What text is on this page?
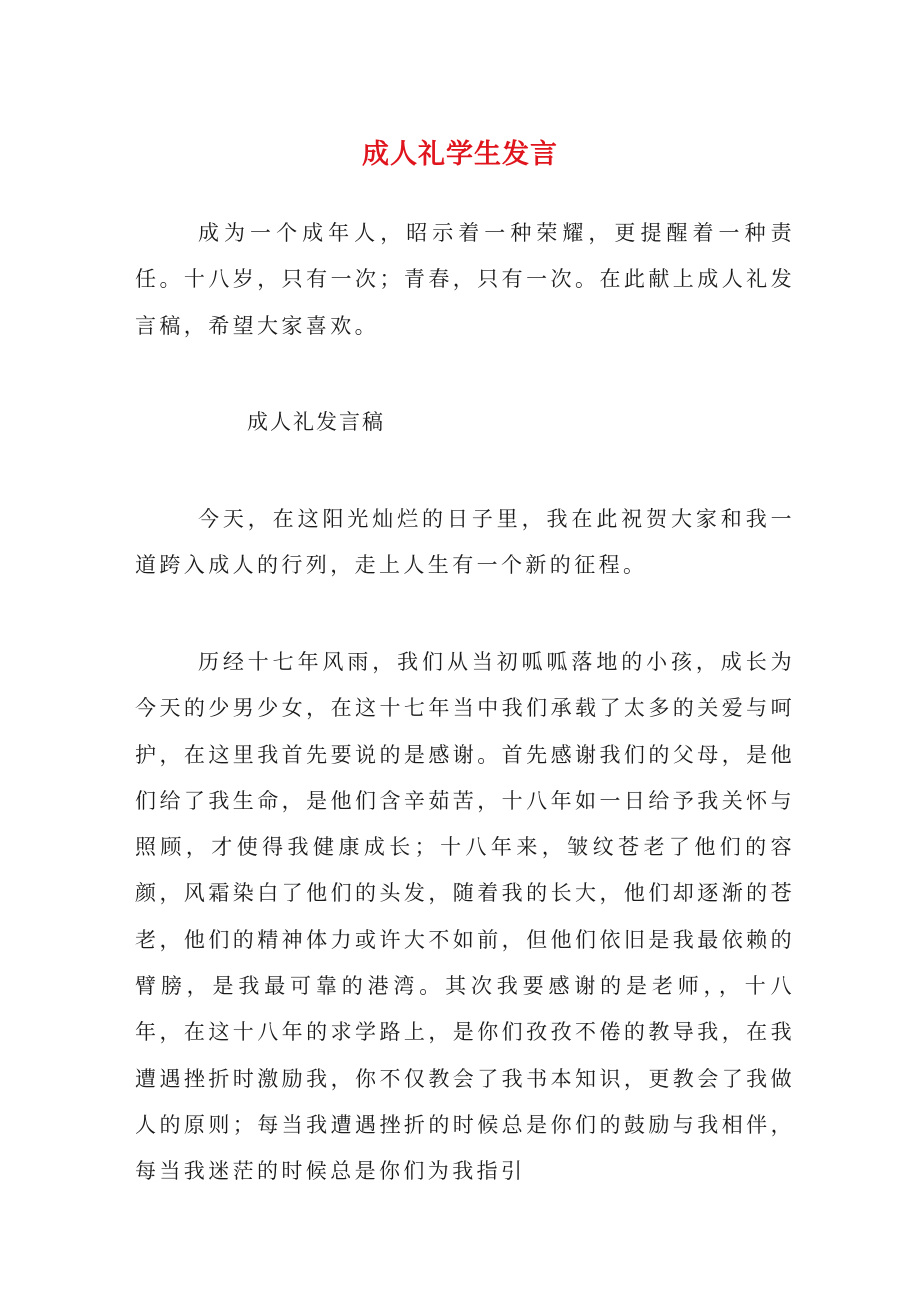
成人礼学生发言

成为一个成年人，昭示着一种荣耀，更提醒着一种责任。十八岁，只有一次；青春，只有一次。在此献上成人礼发言稿，希望大家喜欢。

成人礼发言稿

今天，在这阳光灿烂的日子里，我在此祝贺大家和我一道跨入成人的行列，走上人生有一个新的征程。

历经十七年风雨，我们从当初呱呱落地的小孩，成长为今天的少男少女，在这十七年当中我们承载了太多的关爱与呵护，在这里我首先要说的是感谢。首先感谢我们的父母，是他们给了我生命，是他们含辛茹苦，十八年如一日给予我关怀与照顾，才使得我健康成长；十八年来，皱纹苍老了他们的容颜，风霜染白了他们的头发，随着我的长大，他们却逐渐的苍老，他们的精神体力或许大不如前，但他们依旧是我最依赖的臂膀，是我最可靠的港湾。其次我要感谢的是老师，，十八年，在这十八年的求学路上，是你们孜孜不倦的教导我，在我遭遇挫折时激励我，你不仅教会了我书本知识，更教会了我做人的原则；每当我遭遇挫折的时候总是你们的鼓励与我相伴，每当我迷茫的时候总是你们为我指引
